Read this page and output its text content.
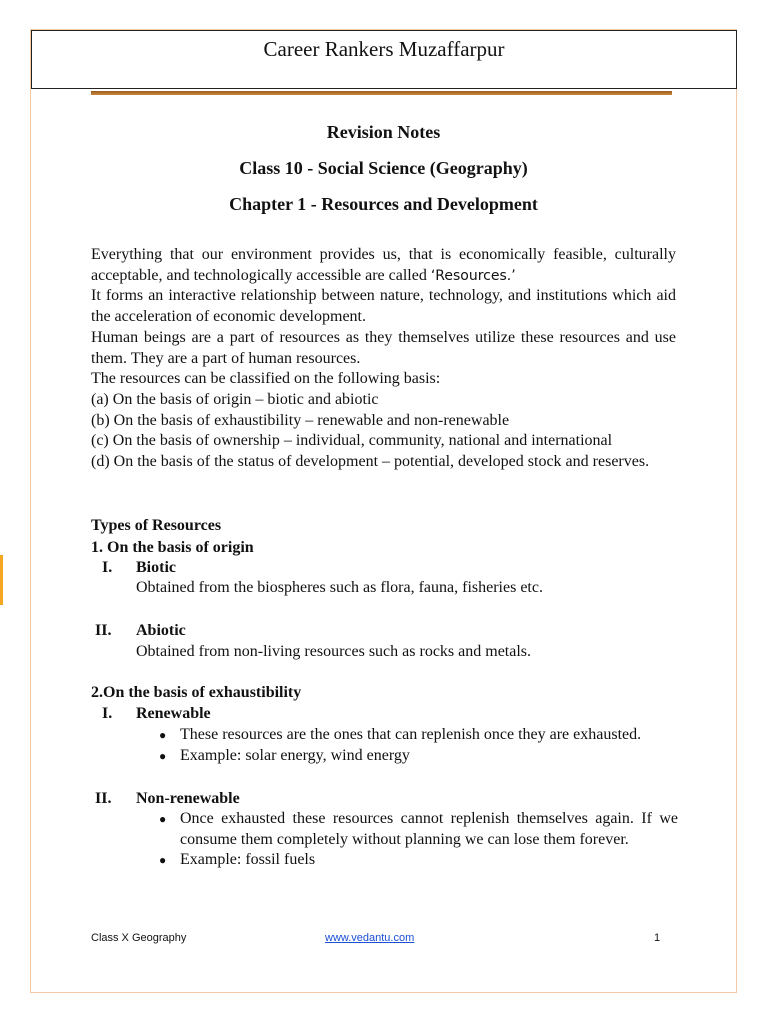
Career Rankers Muzaffarpur
Revision Notes
Class 10 - Social Science (Geography)
Chapter 1 - Resources and Development

Everything that our environment provides us, that is economically feasible, culturally acceptable, and technologically accessible are called ‘Resources.’

It forms an interactive relationship between nature, technology, and institutions which aid the acceleration of economic development.

Human beings are a part of resources as they themselves utilize these resources and use them. They are a part of human resources.

The resources can be classified on the following basis:

(a) On the basis of origin – biotic and abiotic

(b) On the basis of exhaustibility – renewable and non-renewable

(c) On the basis of ownership – individual, community, national and international

(d) On the basis of the status of development – potential, developed stock and reserves.

Types of Resources
1. On the basis of origin
I. Biotic
Obtained from the biospheres such as flora, fauna, fisheries etc.
II. Abiotic
Obtained from non-living resources such as rocks and metals.
2.On the basis of exhaustibility
I. Renewable
● These resources are the ones that can replenish once they are exhausted.
● Example: solar energy, wind energy
II. Non-renewable
● Once exhausted these resources cannot replenish themselves again. If we consume them completely without planning we can lose them forever.
● Example: fossil fuels
Class X Geography	www.vedantu.com	1
